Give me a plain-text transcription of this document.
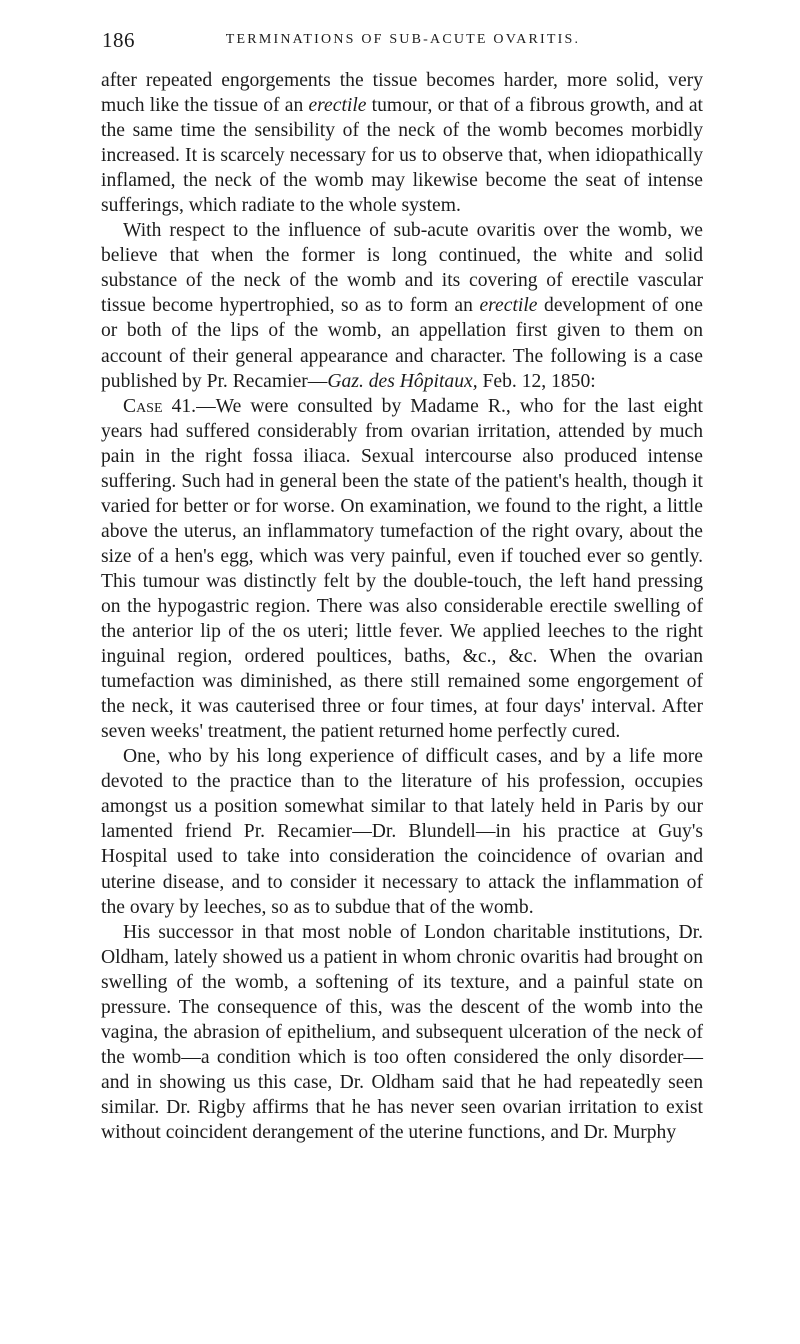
186	TERMINATIONS OF SUB-ACUTE OVARITIS.

after repeated engorgements the tissue becomes harder, more solid, very much like the tissue of an erectile tumour, or that of a fibrous growth, and at the same time the sensibility of the neck of the womb becomes morbidly increased. It is scarcely necessary for us to observe that, when idiopathically inflamed, the neck of the womb may likewise become the seat of intense sufferings, which radiate to the whole system.

With respect to the influence of sub-acute ovaritis over the womb, we believe that when the former is long continued, the white and solid substance of the neck of the womb and its covering of erectile vascular tissue become hypertrophied, so as to form an erectile development of one or both of the lips of the womb, an appellation first given to them on account of their general appearance and character. The following is a case published by Pr. Recamier—Gaz. des Hôpitaux, Feb. 12, 1850:

Case 41.—We were consulted by Madame R., who for the last eight years had suffered considerably from ovarian irritation, attended by much pain in the right fossa iliaca. Sexual intercourse also produced intense suffering. Such had in general been the state of the patient's health, though it varied for better or for worse. On examination, we found to the right, a little above the uterus, an inflammatory tumefaction of the right ovary, about the size of a hen's egg, which was very painful, even if touched ever so gently. This tumour was distinctly felt by the double-touch, the left hand pressing on the hypogastric region. There was also considerable erectile swelling of the anterior lip of the os uteri; little fever. We applied leeches to the right inguinal region, ordered poultices, baths, &c., &c. When the ovarian tumefaction was diminished, as there still remained some engorgement of the neck, it was cauterised three or four times, at four days' interval. After seven weeks' treatment, the patient returned home perfectly cured.

One, who by his long experience of difficult cases, and by a life more devoted to the practice than to the literature of his profession, occupies amongst us a position somewhat similar to that lately held in Paris by our lamented friend Pr. Recamier—Dr. Blundell—in his practice at Guy's Hospital used to take into consideration the coincidence of ovarian and uterine disease, and to consider it necessary to attack the inflammation of the ovary by leeches, so as to subdue that of the womb.

His successor in that most noble of London charitable institutions, Dr. Oldham, lately showed us a patient in whom chronic ovaritis had brought on swelling of the womb, a softening of its texture, and a painful state on pressure. The consequence of this, was the descent of the womb into the vagina, the abrasion of epithelium, and subsequent ulceration of the neck of the womb—a condition which is too often considered the only disorder—and in showing us this case, Dr. Oldham said that he had repeatedly seen similar. Dr. Rigby affirms that he has never seen ovarian irritation to exist without coincident derangement of the uterine functions, and Dr. Murphy
